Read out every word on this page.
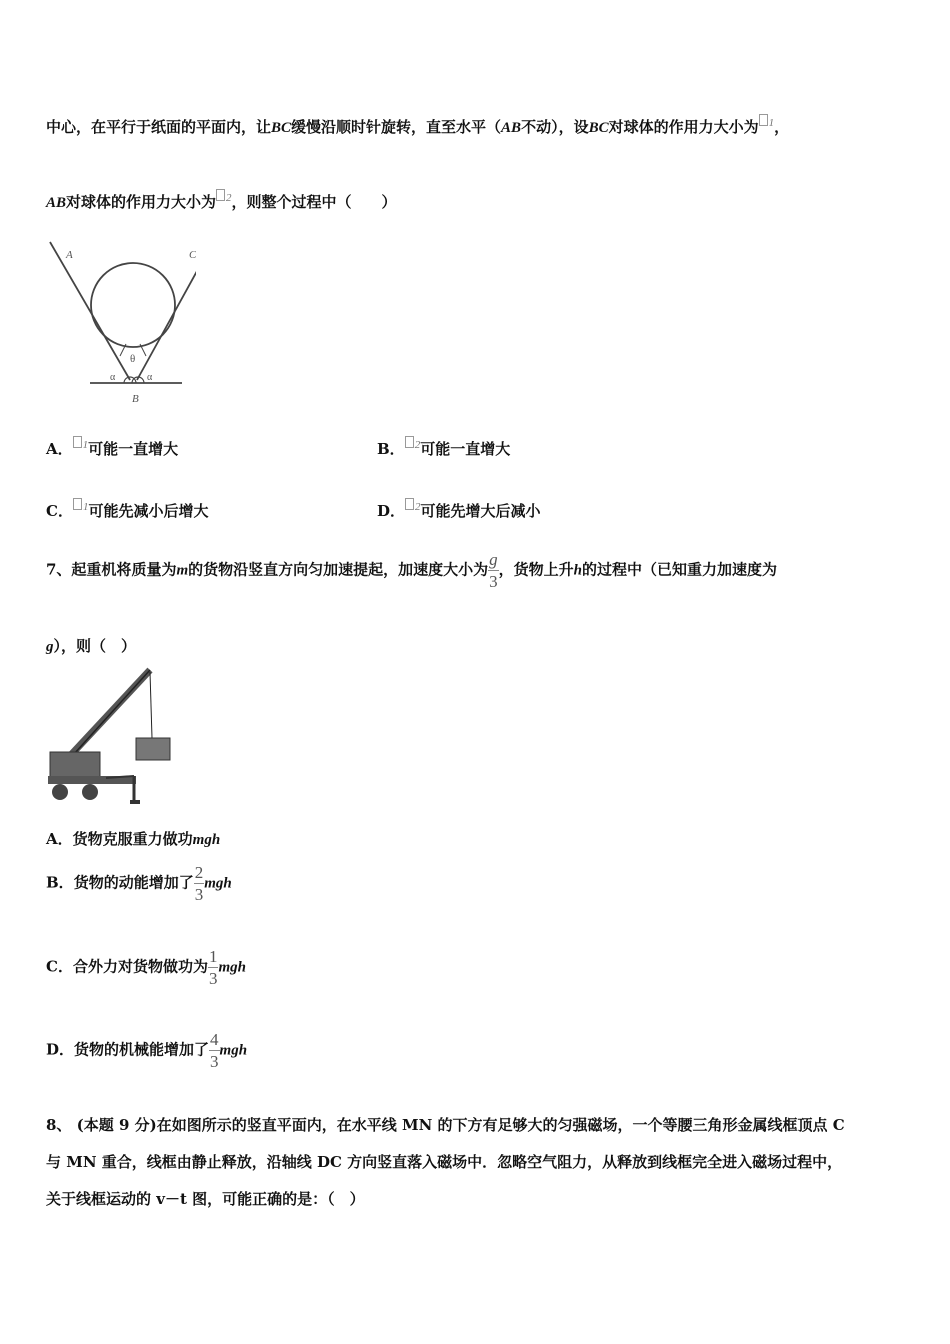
中心，在平行于纸面的平面内，让BC缓慢沿顺时针旋转，直至水平（AB不动），设BC对球体的作用力大小为 1，
AB对球体的作用力大小为 2，则整个过程中（　　）
A	C
θ
α	α
B
A． 1可能一直增大	B． 2可能一直增大
C． 1可能先减小后增大	D． 2可能先增大后减小
7、起重机将质量为m的货物沿竖直方向匀加速提起，加速度大小为 $\frac{g}{3}$ ，货物上升h的过程中（已知重力加速度为
g），则（　）
A．货物克服重力做功mgh
B．货物的动能增加了 $\frac{2}{3}$ mgh
C．合外力对货物做功为 $\frac{1}{3}$ mgh
D．货物的机械能增加了 $\frac{4}{3}$ mgh
8、 (本题 9 分)在如图所示的竖直平面内，在水平线 MN 的下方有足够大的匀强磁场，一个等腰三角形金属线框顶点 C
与 MN 重合，线框由静止释放，沿轴线 DC 方向竖直落入磁场中．忽略空气阻力，从释放到线框完全进入磁场过程中，
关于线框运动的 v－t 图，可能正确的是：（　）
